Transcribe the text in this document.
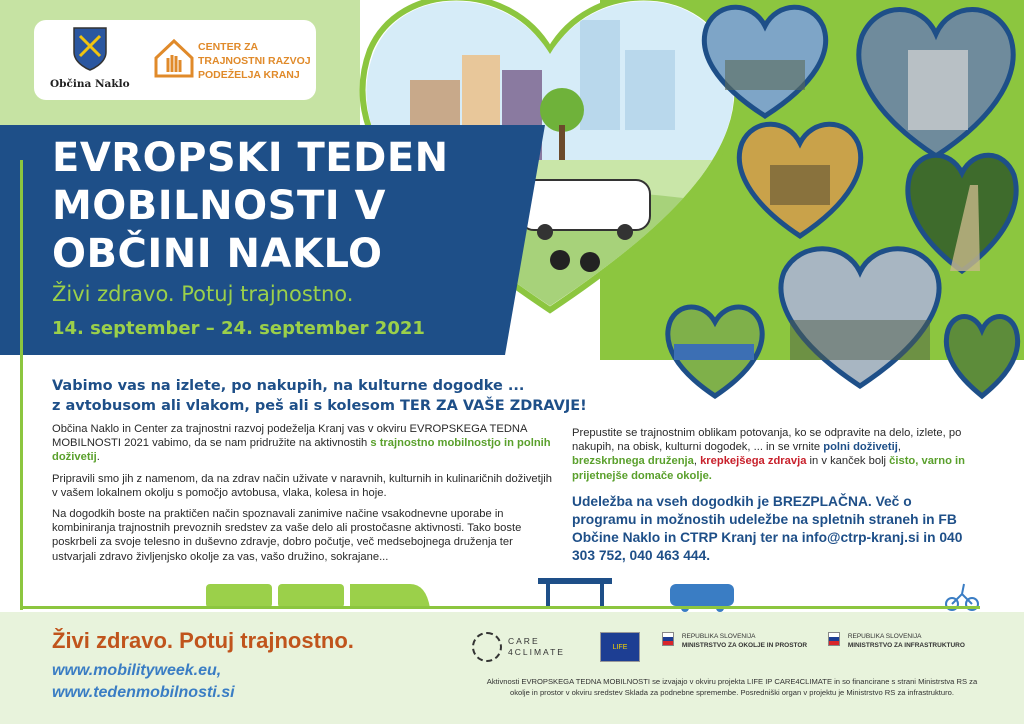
Občina Naklo
CENTER ZA
TRAJNOSTNI RAZVOJ
PODEŽELJA KRANJ
EVROPSKI TEDEN
MOBILNOSTI V
OBČINI NAKLO
Živi zdravo. Potuj trajnostno.
14. september – 24. september 2021
Vabimo vas na izlete, po nakupih, na kulturne dogodke ...
z avtobusom ali vlakom, peš ali s kolesom TER ZA VAŠE ZDRAVJE!

Občina Naklo in Center za trajnostni razvoj podeželja Kranj vas v okviru EVROPSKEGA TEDNA MOBILNOSTI 2021 vabimo, da se nam pridružite na aktivnostih s trajnostno mobilnostjo in polnih doživetij.

Pripravili smo jih z namenom, da na zdrav način uživate v naravnih, kulturnih in kulinaričnih doživetjih v vašem lokalnem okolju s pomočjo avtobusa, vlaka, kolesa in hoje.

Na dogodkih boste na praktičen način spoznavali zanimive načine vsakodnevne uporabe in kombiniranja trajnostnih prevoznih sredstev za vaše delo ali prostočasne aktivnosti. Tako boste poskrbeli za svoje telesno in duševno zdravje, dobro počutje, več medsebojnega druženja ter ustvarjali zdravo življenjsko okolje za vas, vašo družino, sokrajane...

Prepustite se trajnostnim oblikam potovanja, ko se odpravite na delo, izlete, po nakupih, na obisk, kulturni dogodek, ... in se vrnite polni doživetij, brezskrbnega druženja, krepkejšega zdravja in v kanček bolj čisto, varno in prijetnejše domače okolje.

Udeležba na vseh dogodkih je BREZPLAČNA. Več o programu in možnostih udeležbe na spletnih straneh in FB Občine Naklo in CTRP Kranj ter na info@ctrp-kranj.si in 040 303 752, 040 463 444.
Živi zdravo. Potuj trajnostno.
www.mobilityweek.eu,
www.tedenmobilnosti.si
CARE
4CLIMATE	LIFE

REPUBLIKA SLOVENIJA
MINISTRSTVO ZA OKOLJE IN PROSTOR

REPUBLIKA SLOVENIJA
MINISTRSTVO ZA INFRASTRUKTURO
Aktivnosti EVROPSKEGA TEDNA MOBILNOSTI se izvajajo v okviru projekta LIFE IP CARE4CLIMATE in so financirane s strani Ministrstva RS za okolje in prostor v okviru sredstev Sklada za podnebne spremembe. Posredniški organ v projektu je Ministrstvo RS za infrastrukturo.
